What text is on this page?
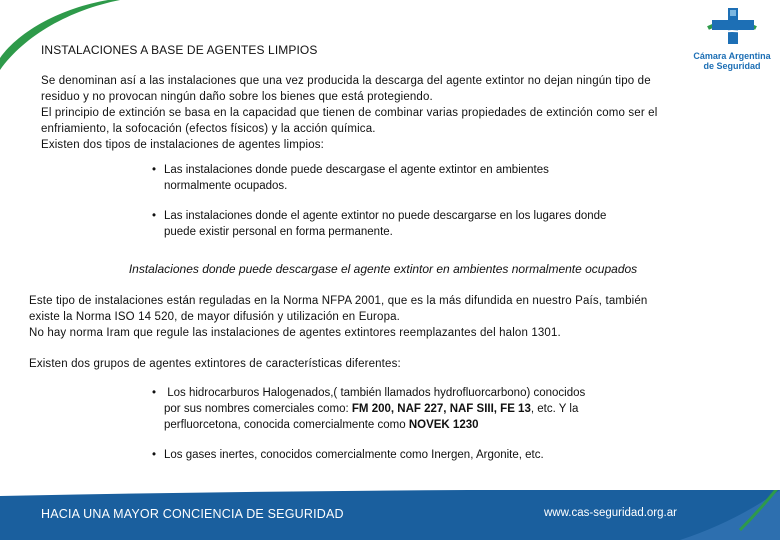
Cámara Argentina
de Seguridad
INSTALACIONES A BASE DE AGENTES LIMPIOS
Se denominan así a las instalaciones que una vez producida la descarga del agente extintor no dejan ningún tipo de
residuo y no provocan ningún daño sobre los bienes que está protegiendo.
El principio de extinción se basa en la capacidad que tienen de combinar varias propiedades de extinción como ser el
enfriamiento, la sofocación (efectos físicos) y la acción química.
Existen dos tipos de instalaciones de agentes limpios:
• Las instalaciones donde puede descargase el agente extintor en ambientes
normalmente ocupados.
• Las instalaciones donde el agente extintor no puede descargarse en los lugares donde
puede existir personal en forma permanente.
Instalaciones donde puede descargase el agente extintor en ambientes normalmente ocupados
Este tipo de instalaciones están reguladas en la Norma NFPA 2001, que es la más difundida en nuestro País, también
existe la Norma ISO 14 520, de mayor difusión y utilización en Europa.
No hay norma Iram que regule las instalaciones de agentes extintores reemplazantes del halon 1301.
Existen dos grupos de agentes extintores de características diferentes:
• Los hidrocarburos Halogenados,( también llamados hydrofluorcarbono) conocidos
por sus nombres comerciales como: FM 200, NAF 227, NAF SIII, FE 13, etc. Y la
perfluorcetona, conocida comercialmente como NOVEK 1230
• Los gases inertes, conocidos comercialmente como Inergen, Argonite, etc.
HACIA UNA MAYOR CONCIENCIA DE SEGURIDAD	www.cas-seguridad.org.ar
